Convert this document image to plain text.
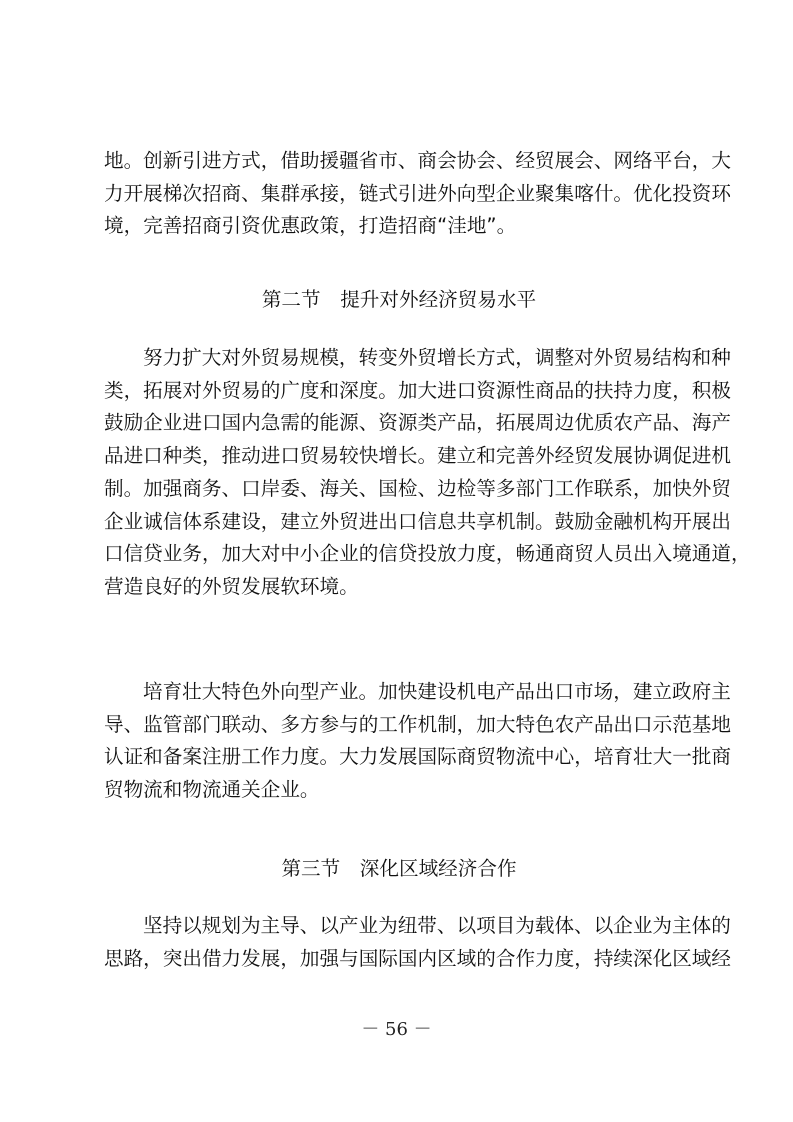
地。创新引进方式，借助援疆省市、商会协会、经贸展会、网络平台，大
力开展梯次招商、集群承接，链式引进外向型企业聚集喀什。优化投资环
境，完善招商引资优惠政策，打造招商“洼地”。
第二节　提升对外经济贸易水平
努力扩大对外贸易规模，转变外贸增长方式，调整对外贸易结构和种
类，拓展对外贸易的广度和深度。加大进口资源性商品的扶持力度，积极
鼓励企业进口国内急需的能源、资源类产品，拓展周边优质农产品、海产
品进口种类，推动进口贸易较快增长。建立和完善外经贸发展协调促进机
制。加强商务、口岸委、海关、国检、边检等多部门工作联系，加快外贸
企业诚信体系建设，建立外贸进出口信息共享机制。鼓励金融机构开展出
口信贷业务，加大对中小企业的信贷投放力度，畅通商贸人员出入境通道，
营造良好的外贸发展软环境。
培育壮大特色外向型产业。加快建设机电产品出口市场，建立政府主
导、监管部门联动、多方参与的工作机制，加大特色农产品出口示范基地
认证和备案注册工作力度。大力发展国际商贸物流中心，培育壮大一批商
贸物流和物流通关企业。
第三节　深化区域经济合作
坚持以规划为主导、以产业为纽带、以项目为载体、以企业为主体的
思路，突出借力发展，加强与国际国内区域的合作力度，持续深化区域经
－ 56 －
